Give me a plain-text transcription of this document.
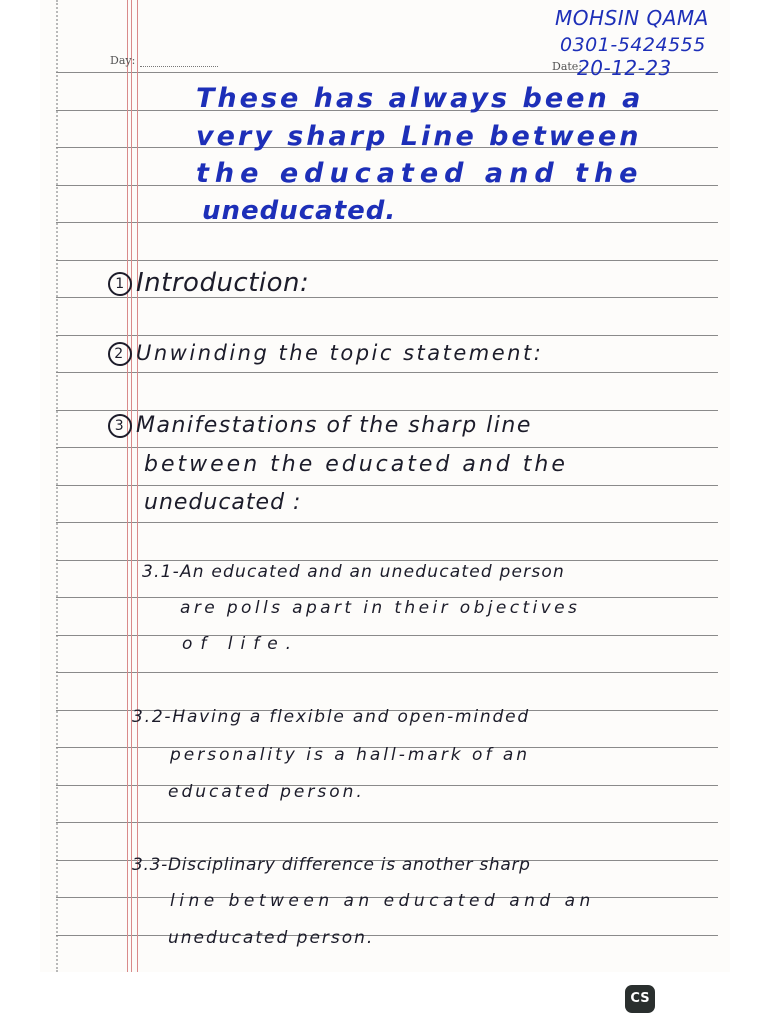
Day:	Date:
MOHSIN QAMA
0301-5424555
20-12-23
These has always been a
very sharp Line between
the educated and the
uneducated.
1 Introduction:
2 Unwinding the topic statement:
3 Manifestations of the sharp line
between the educated and the
uneducated :
3.1-An educated and an uneducated person
are polls apart in their objectives
of life.
3.2-Having a flexible and open-minded
personality is a hall-mark of an
educated person.
3.3-Disciplinary difference is another sharp
line between an educated and an
uneducated person.
CS
